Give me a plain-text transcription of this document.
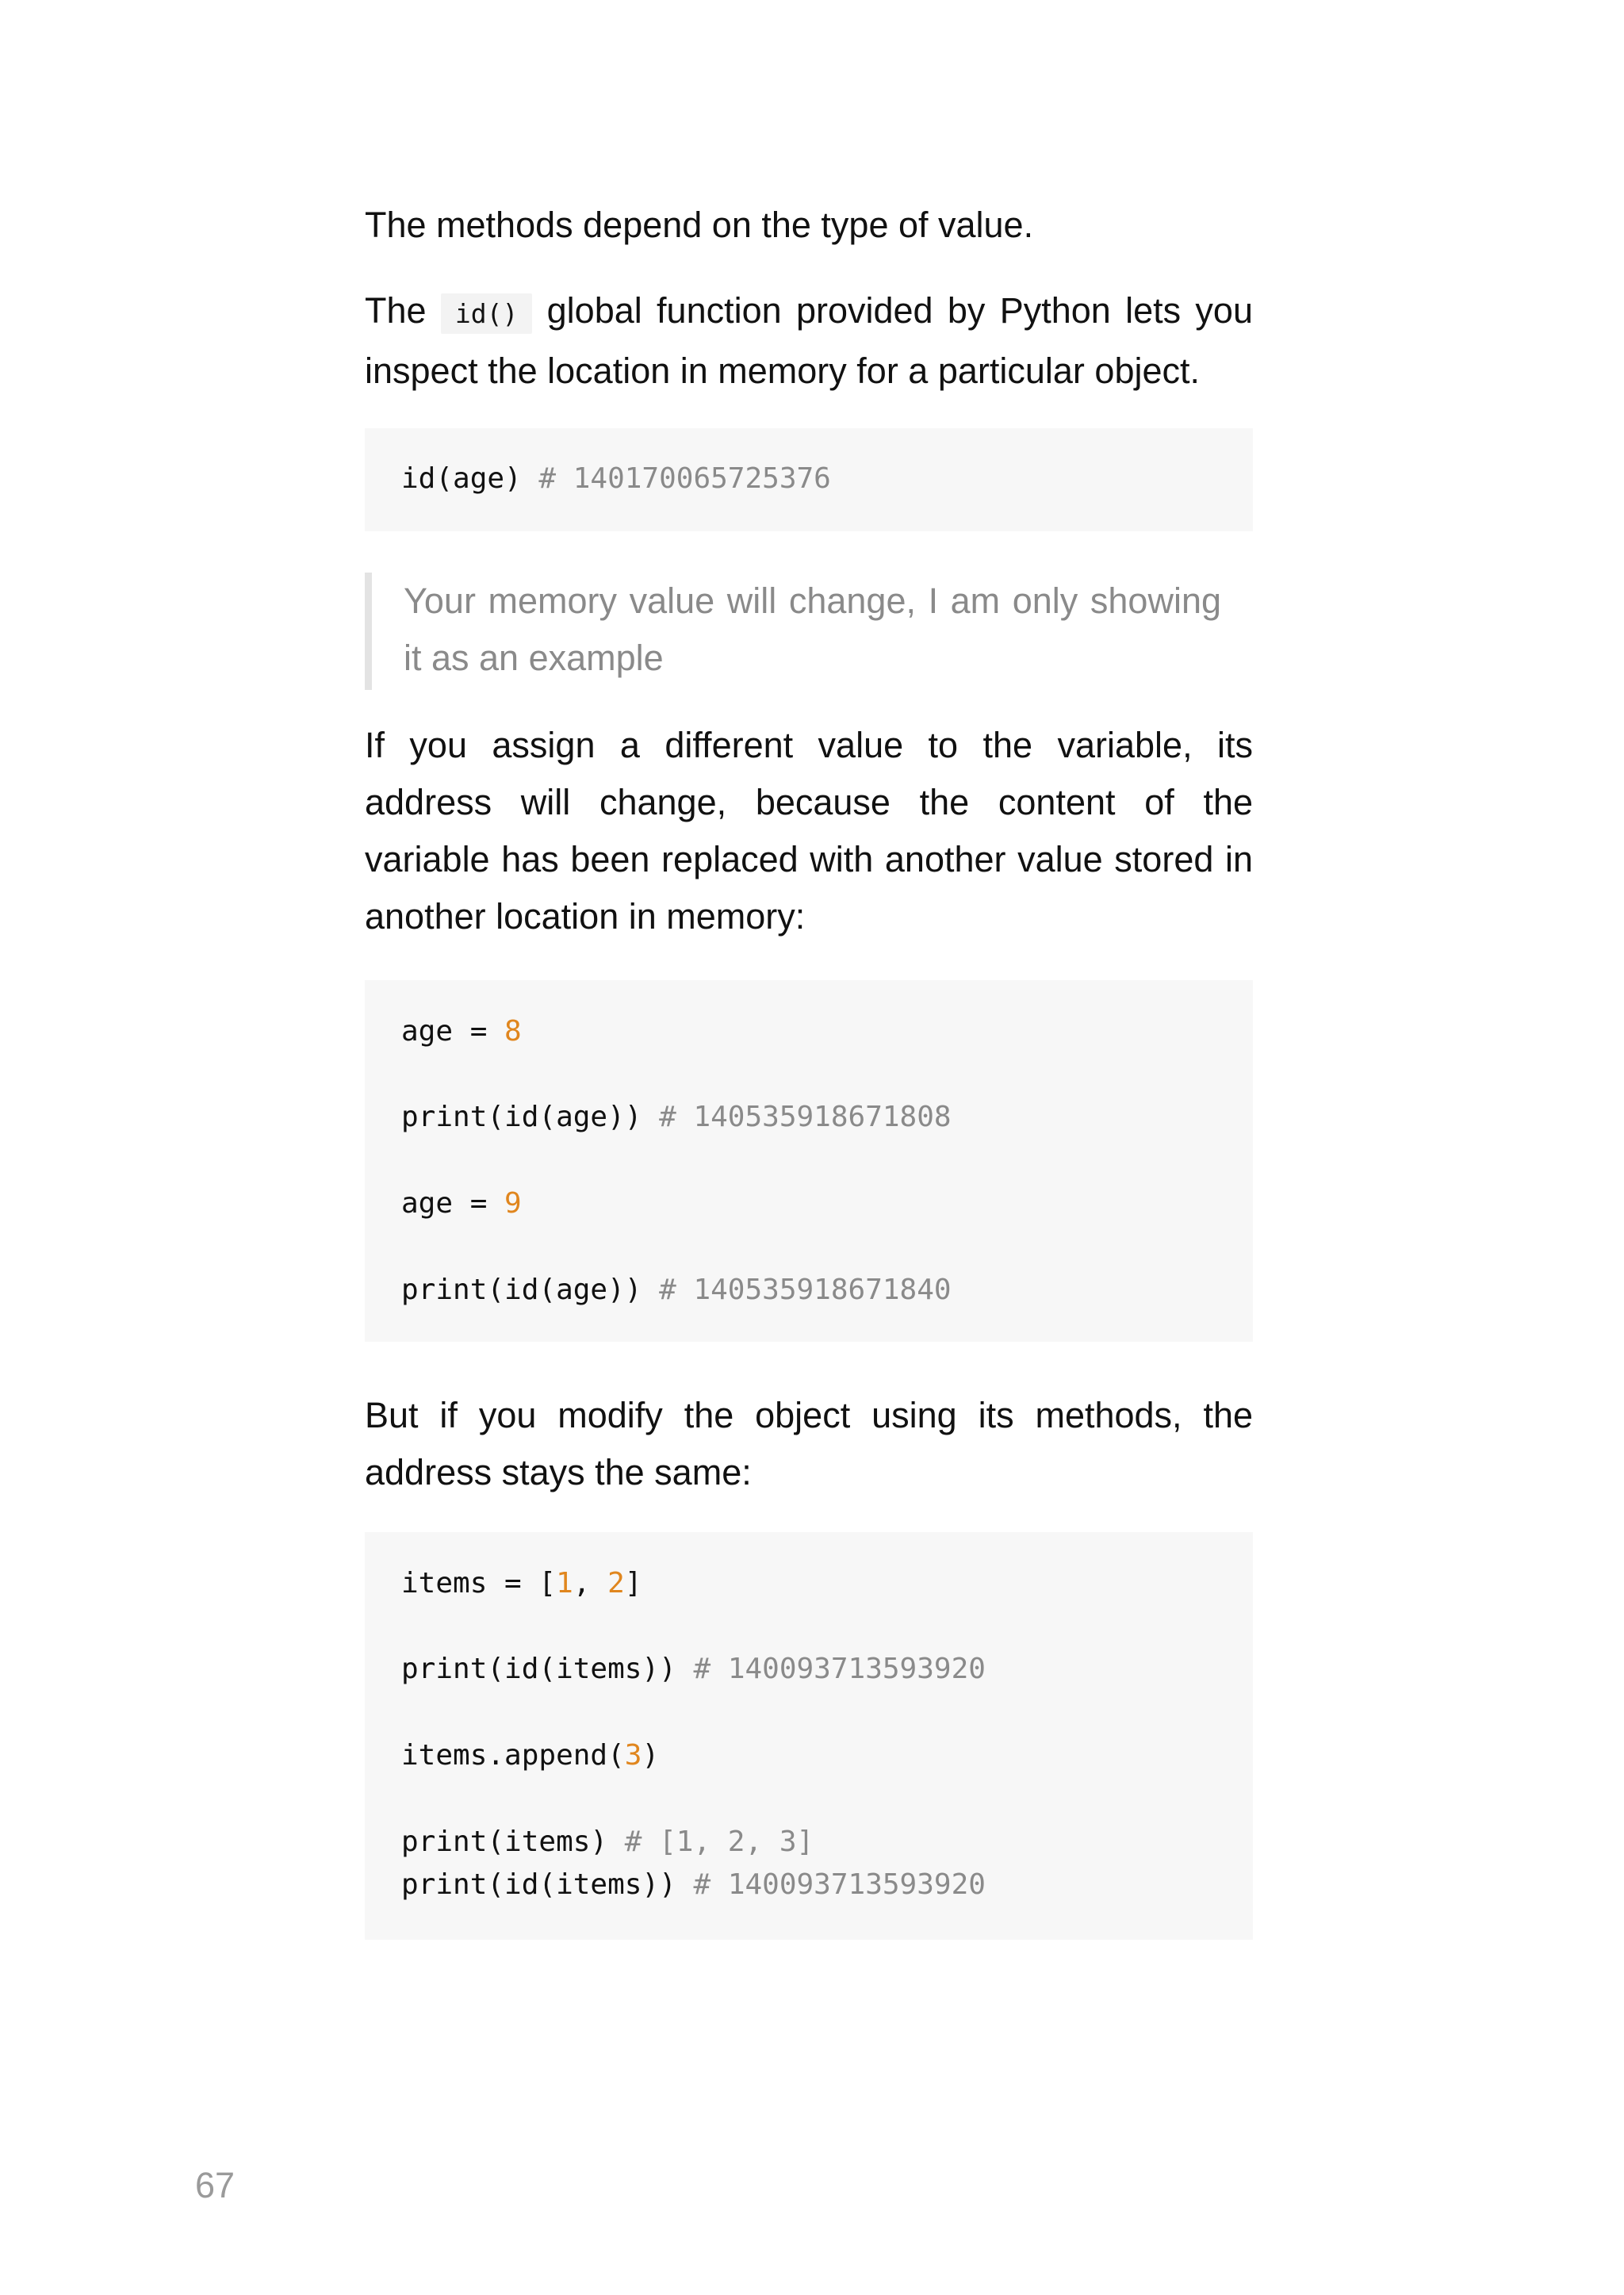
The methods depend on the type of value.

The id() global function provided by Python lets you inspect the location in memory for a particular object.

id(age) # 140170065725376

Your memory value will change, I am only showing it as an example

If you assign a different value to the variable, its address will change, because the content of the variable has been replaced with another value stored in another location in memory:

age = 8
print(id(age)) # 140535918671808
age = 9
print(id(age)) # 140535918671840

But if you modify the object using its methods, the address stays the same:

items = [1, 2]
print(id(items)) # 140093713593920
items.append(3)
print(items) # [1, 2, 3]
print(id(items)) # 140093713593920
67
